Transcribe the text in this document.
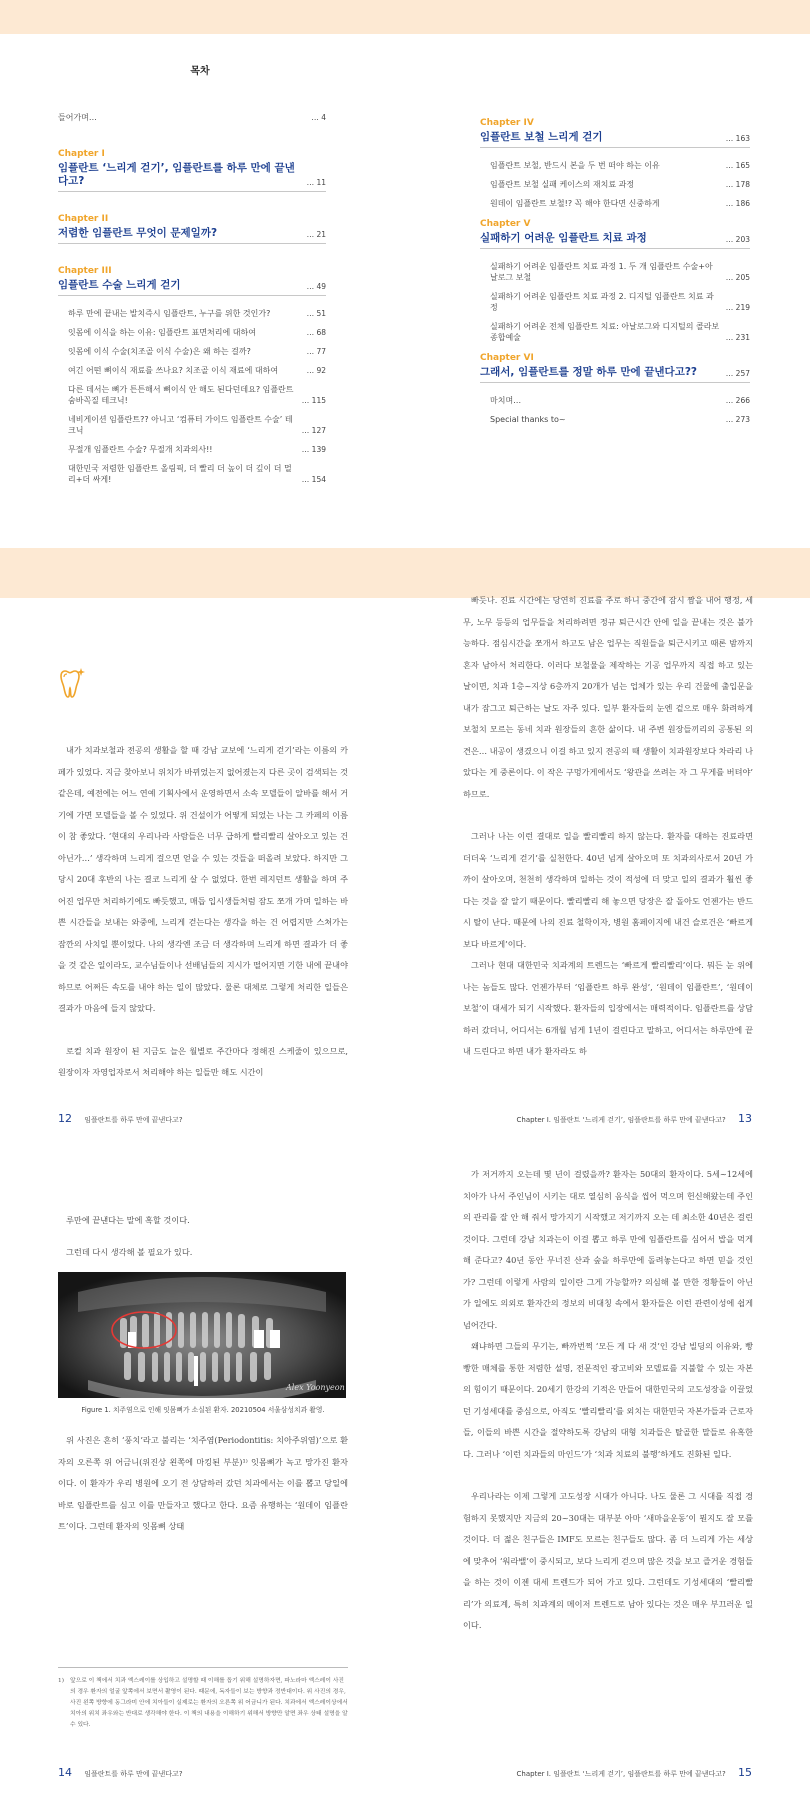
목차
들어가며…	… 4
Chapter I
임플란트 ‘느리게 걷기’, 임플란트를 하루 만에 끝낸다고?	… 11
Chapter II
저렴한 임플란트 무엇이 문제일까?	… 21
Chapter III
임플란트 수술 느리게 걷기	… 49
하루 만에 끝내는 발치즉시 임플란트, 누구를 위한 것인가?	… 51
잇몸에 이식을 하는 이유: 임플란트 표면처리에 대하여	… 68
잇몸에 이식 수술(치조골 이식 수술)은 왜 하는 걸까?	… 77
여긴 어떤 뼈이식 재료를 쓰나요? 치조골 이식 재료에 대하여	… 92
다른 데서는 뼈가 튼튼해서 뼈이식 안 해도 된다던데요? 임플란트 숨바꼭질 테크닉!	… 115
네비게이션 임플란트?? 아니고 ‘컴퓨터 가이드 임플란트 수술’ 테크닉	… 127
무절개 임플란트 수술? 무절개 치과의사!!	… 139
대한민국 저렴한 임플란트 올림픽, 더 빨리 더 높이 더 깊이 더 멀리+더 싸게!	… 154
Chapter IV
임플란트 보철 느리게 걷기	… 163
임플란트 보철, 반드시 본을 두 번 떠야 하는 이유	… 165
임플란트 보철 실패 케이스의 재치료 과정	… 178
원데이 임플란트 보철!? 꼭 해야 한다면 신중하게	… 186
Chapter V
실패하기 어려운 임플란트 치료 과정	… 203
실패하기 어려운 임플란트 치료 과정 1. 두 개 임플란트 수술+아날로그 보철	… 205
실패하기 어려운 임플란트 치료 과정 2. 디지털 임플란트 치료 과정	… 219
실패하기 어려운 전체 임플란트 치료: 아날로그와 디지털의 콜라보 종합예술	… 231
Chapter VI
그래서, 임플란트를 정말 하루 만에 끝낸다고??	… 257
마치며…	… 266
Special thanks to~	… 273

내가 치과보철과 전공의 생활을 할 때 강남 교보에 ‘느리게 걷기’라는 이름의 카페가 있었다. 지금 찾아보니 위치가 바뀌었는지 없어졌는지 다른 곳이 검색되는 것 같은데, 예전에는 어느 연예 기획사에서 운영하면서 소속 모델들이 알바를 해서 거기에 가면 모델들을 볼 수 있었다. 위 건설이가 어떻게 되었는 나는 그 카페의 이름이 참 좋았다. ‘현대의 우리나라 사람들은 너무 급하게 빨리빨리 살아오고 있는 건 아닌가…’ 생각하며 느리게 걸으면 얻을 수 있는 것들을 떠올려 보았다. 하지만 그 당시 20대 후반의 나는 결코 느리게 살 수 없었다. 한번 레지던트 생활을 하며 주어진 업무만 처리하기에도 빠듯했고, 매듭 입시생들처럼 잠도 쪼개 가며 일하는 바쁜 시간들을 보내는 와중에, 느리게 걷는다는 생각을 하는 건 어렵지만 스쳐가는 잠깐의 사치일 뿐이었다. 나의 생각엔 조금 더 생각하며 느리게 하면 결과가 더 좋을 것 같은 일이라도, 교수님들이나 선배님들의 지시가 떨어지면 기한 내에 끝내야 하므로 어쩌든 속도를 내야 하는 일이 많았다. 물론 대체로 그렇게 처리한 일들은 결과가 마음에 들지 않았다.

로컬 치과 원장이 된 지금도 늘은 월별로 주간마다 정해진 스케줄이 있으므로, 원장이자 자영업자로서 처리해야 하는 일들만 해도 시간이

빠듯나. 진료 시간에는 당연히 진료를 주로 하니 중간에 잠시 짬을 내어 행정, 세무, 노무 등등의 업무들을 처리하려면 정규 퇴근시간 안에 일을 끝내는 것은 불가능하다. 점심시간을 쪼개서 하고도 남은 업무는 직원들을 퇴근시키고 때론 밤까지 혼자 남아서 처리한다. 이러다 보철물을 제작하는 기공 업무까지 직접 하고 있는 날이면, 치과 1층~지상 6층까지 20개가 넘는 업체가 있는 우리 건물에 출입문을 내가 잠그고 퇴근하는 날도 자주 있다. 일부 환자들의 눈엔 겉으로 매우 화려하게 보철치 모르는 동네 치과 원장들의 흔한 삶이다. 내 주변 원장들끼리의 공통된 의견은… 내공이 생겼으니 이걸 하고 있지 전공의 때 생활이 치과원장보다 차라리 나았다는 게 중론이다. 이 작은 구멍가게에서도 ‘왕관을 쓰려는 자 그 무게를 버텨야’ 하므로.

그러나 나는 이런 결대로 일을 빨리빨리 하지 않는다. 환자를 대하는 진료라면 더더욱 ‘느리게 걷기’를 실천한다. 40년 넘게 살아오며 또 치과의사로서 20년 가까이 살아오며, 천천히 생각하며 일하는 것이 적성에 더 맞고 일의 결과가 훨씬 좋다는 것을 잘 알기 때문이다. 빨리빨리 해 놓으면 당장은 잘 돌아도 언젠가는 반드시 탈이 난다. 때문에 나의 진료 철학이자, 병원 홈페이지에 내건 슬로건은 ‘빠르게 보다 바르게’이다.

그러나 현대 대한민국 치과계의 트렌드는 ‘빠르게 빨리빨리’이다. 뭐든 눈 위에 나는 놈들도 많다. 언젠가부터 ‘임플란트 하루 완성’, ‘원데이 임플란트’, ‘원데이 보철’이 대세가 되기 시작했다. 환자들의 입장에서는 매력적이다. 임플란트를 상담하러 갔더니, 어디서는 6개월 넘게 1년이 걸린다고 말하고, 어디서는 하루만에 끝내 드린다고 하면 내가 환자라도 하

12 임플란트를 하루 만에 끝낸다고?	Chapter I. 임플란트 ‘느리게 걷기’, 임플란트를 하루 만에 끝낸다고? 13

루만에 끝낸다는 말에 혹할 것이다.

그런데 다시 생각해 볼 필요가 있다.

Alex Yoonyeon
Figure 1. 치주염으로 인해 잇몸뼈가 소실된 환자. 20210504 서울삼성치과 촬영.

위 사진은 흔히 ‘풍치’라고 불리는 ‘치주염(Periodontitis: 치아주위염)’으로 환자의 오른쪽 위 어금니(위진상 왼쪽에 마킹된 부분)¹⁾ 잇몸뼈가 녹고 망가진 환자이다. 이 환자가 우리 병원에 오기 전 상담하러 갔던 치과에서는 이를 뽑고 당일에 바로 임플란트를 심고 이를 만들자고 했다고 한다. 요즘 유행하는 ‘원데이 임플란트’이다. 그런데 환자의 잇몸뼈 상태

1)	앞으로 이 책에서 치과 엑스레이를 상입하고 설명할 때 이해를 돕기 위해 설명하자면, 파노라마 엑스레이 사진의 경우 환자의 얼굴 앞쪽에서 보면서 촬영이 된다. 때문에, 독자들이 보는 방향과 정반대이다. 위 사진의 경우, 사진 왼쪽 방향에 동그라미 안에 치아들이 실제로는 환자의 오른쪽 위 어금니가 된다. 치과에서 엑스레이상에서 치아의 위치 좌우와는 반대로 생각해야 한다. 이 책의 내용을 이해하기 위해서 방향만 알면 좌우 상태 설명을 알 수 있다.

가 저거까지 오는데 몇 년이 걸렸을까? 환자는 50대의 환자이다. 5세~12세에 치아가 나서 주인님이 시키는 대로 열심히 음식을 씹어 먹으며 헌신해왔는데 주인의 관리를 잘 안 해 줘서 망가지기 시작했고 저기까지 오는 데 최소한 40년은 걸린 것이다. 그런데 강남 치과는이 이걸 뽑고 하루 만에 임플란트를 심어서 밥을 먹게 해 준다고? 40년 동안 무너진 산과 숲을 하루만에 돌려놓는다고 하면 믿을 것인가? 그런데 이렇게 사람의 일이란 그게 가능할까? 의심해 볼 만한 정황들이 아닌가 일에도 의외로 환자간의 정보의 비대칭 속에서 환자들은 이런 관련이성에 쉽게 넘어간다.

왜냐하면 그들의 무기는, 빠까번쩍 ‘모든 게 다 새 것’인 강남 빌딩의 이유와, 빵빵한 매체를 통한 저렴한 설명, 전문적인 광고비와 모델료를 지불할 수 있는 자본의 힘이기 때문이다. 20세기 한강의 기적은 만들어 대한민국의 고도성장을 이끌었던 기성세대를 중심으로, 아직도 ‘빨리빨리’를 외치는 대한민국 자본가들과 근로자들, 이들의 바쁜 시간을 절약하도록 강남의 대형 치과들은 탈골한 말들로 유혹한다. 그러나 ‘이런 치과들의 마인드’가 ‘치과 치료의 불행’하게도 진화된 일다.

우리나라는 이제 그렇게 고도성장 시대가 아니다. 나도 물론 그 시대를 직접 경험하지 못했지만 지금의 20~30대는 대부분 아마 ‘새마을운동’이 뭔지도 잘 모를 것이다. 더 젊은 친구들은 IMF도 모르는 친구들도 많다. 좀 더 느리게 가는 세상에 맞추어 ‘워라밸’이 중시되고, 보다 느리게 걷으며 많은 것을 보고 즐거운 경험들을 하는 것이 이젠 대세 트렌드가 되어 가고 있다. 그런데도 기성세대의 ‘빨리빨리’가 의료계, 특히 치과계의 메이저 트렌드로 남아 있다는 것은 매우 부끄러운 일이다.

14 임플란트를 하루 만에 끝낸다고?	Chapter I. 임플란트 ‘느리게 걷기’, 임플란트를 하루 만에 끝낸다고? 15
